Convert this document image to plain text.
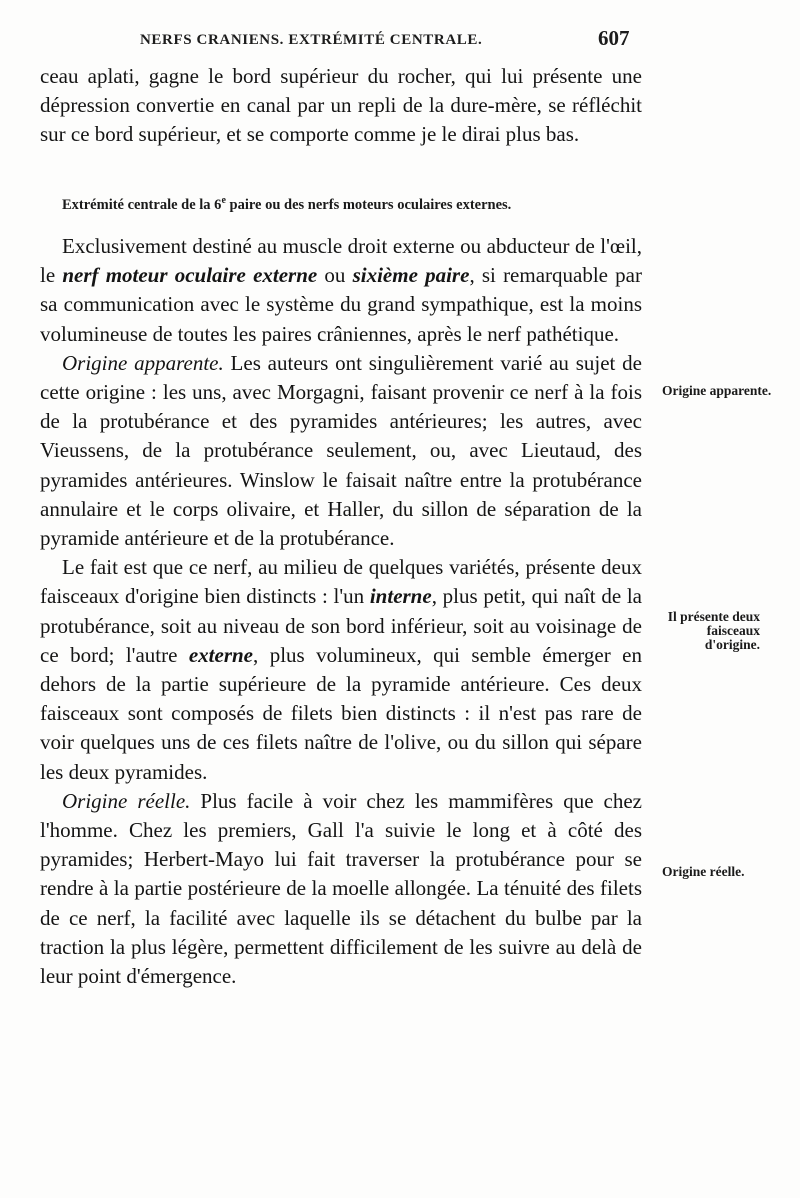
NERFS CRANIENS. EXTRÉMITÉ CENTRALE.	607

ceau aplati, gagne le bord supérieur du rocher, qui lui présente une dépression convertie en canal par un repli de la dure-mère, se réfléchit sur ce bord supérieur, et se comporte comme je le dirai plus bas.

Extrémité centrale de la 6e paire ou des nerfs moteurs oculaires externes.

Exclusivement destiné au muscle droit externe ou abducteur de l'œil, le nerf moteur oculaire externe ou sixième paire, si remarquable par sa communication avec le système du grand sympathique, est la moins volumineuse de toutes les paires crâniennes, après le nerf pathétique.

Origine apparente. Les auteurs ont singulièrement varié au sujet de cette origine : les uns, avec Morgagni, faisant provenir ce nerf à la fois de la protubérance et des pyramides antérieures; les autres, avec Vieussens, de la protubérance seulement, ou, avec Lieutaud, des pyramides antérieures. Winslow le faisait naître entre la protubérance annulaire et le corps olivaire, et Haller, du sillon de séparation de la pyramide antérieure et de la protubérance.

Le fait est que ce nerf, au milieu de quelques variétés, présente deux faisceaux d'origine bien distincts : l'un interne, plus petit, qui naît de la protubérance, soit au niveau de son bord inférieur, soit au voisinage de ce bord; l'autre externe, plus volumineux, qui semble émerger en dehors de la partie supérieure de la pyramide antérieure. Ces deux faisceaux sont composés de filets bien distincts : il n'est pas rare de voir quelques uns de ces filets naître de l'olive, ou du sillon qui sépare les deux pyramides.

Origine réelle. Plus facile à voir chez les mammifères que chez l'homme. Chez les premiers, Gall l'a suivie le long et à côté des pyramides; Herbert-Mayo lui fait traverser la protubérance pour se rendre à la partie postérieure de la moelle allongée. La ténuité des filets de ce nerf, la facilité avec laquelle ils se détachent du bulbe par la traction la plus légère, permettent difficilement de les suivre au delà de leur point d'émergence.

Origine apparente.
Il présente deux faisceaux d'origine.
Origine réelle.
